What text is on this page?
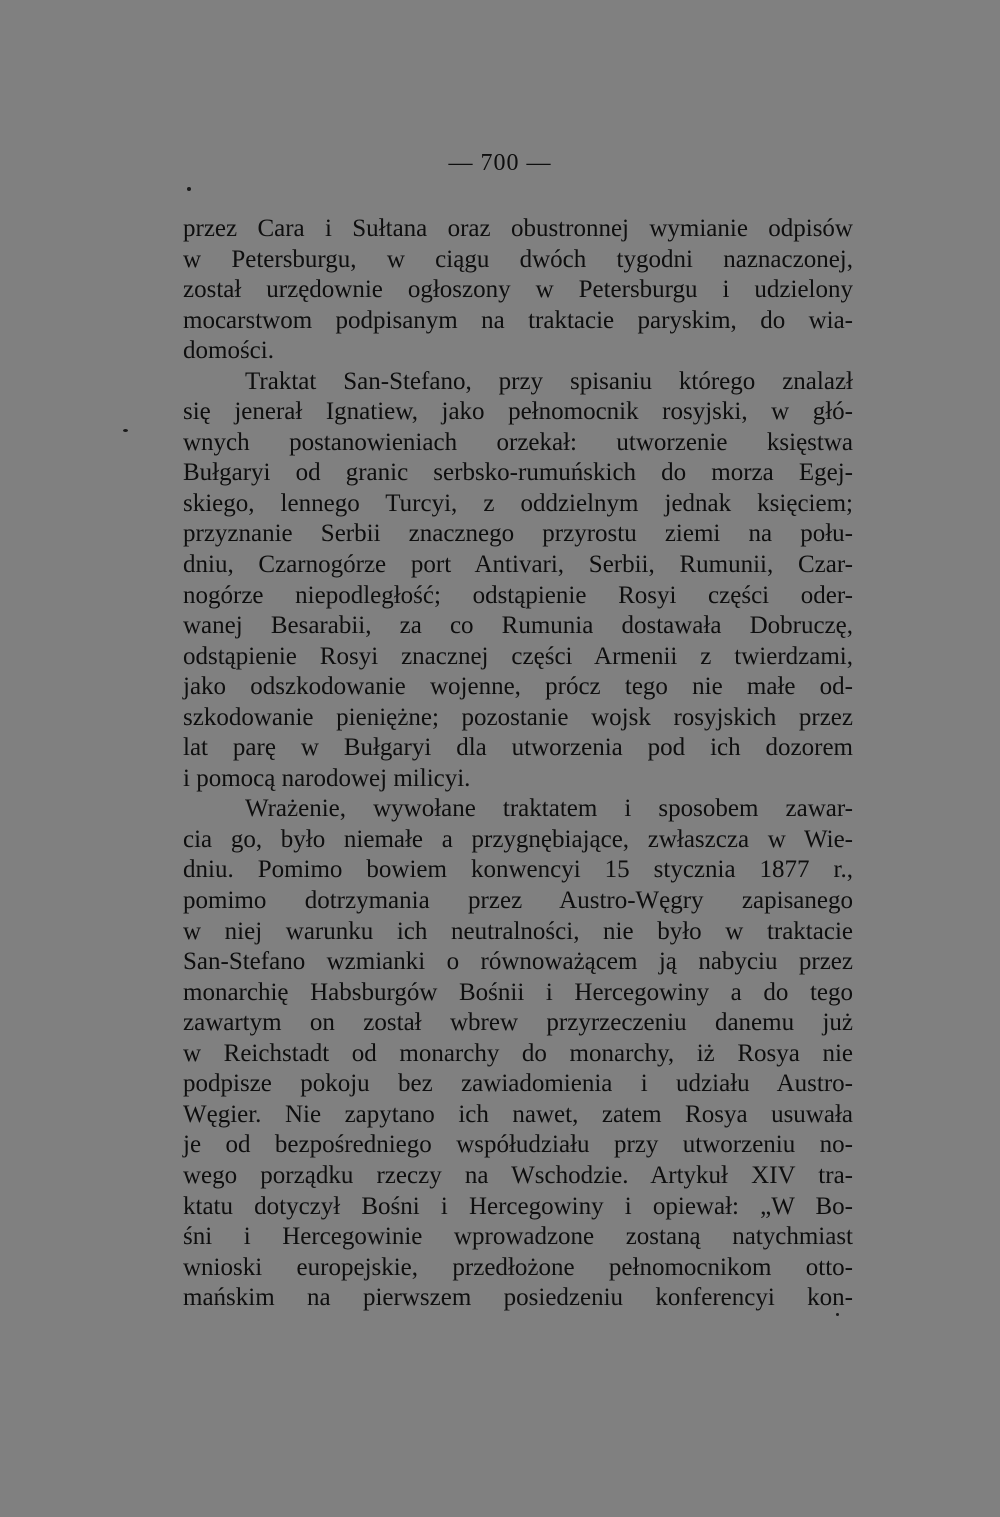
— 700 —
przez Cara i Sułtana oraz obustronnej wymianie odpisów
w Petersburgu, w ciągu dwóch tygodni naznaczonej,
został urzędownie ogłoszony w Petersburgu i udzielony
mocarstwom podpisanym na traktacie paryskim, do wia-
domości.
Traktat San-Stefano, przy spisaniu którego znalazł
się jenerał Ignatiew, jako pełnomocnik rosyjski, w głó-
wnych postanowieniach orzekał: utworzenie księstwa
Bułgaryi od granic serbsko-rumuńskich do morza Egej-
skiego, lennego Turcyi, z oddzielnym jednak księciem;
przyznanie Serbii znacznego przyrostu ziemi na połu-
dniu, Czarnogórze port Antivari, Serbii, Rumunii, Czar-
nogórze niepodległość; odstąpienie Rosyi części oder-
wanej Besarabii, za co Rumunia dostawała Dobruczę,
odstąpienie Rosyi znacznej części Armenii z twierdzami,
jako odszkodowanie wojenne, prócz tego nie małe od-
szkodowanie pieniężne; pozostanie wojsk rosyjskich przez
lat parę w Bułgaryi dla utworzenia pod ich dozorem
i pomocą narodowej milicyi.
Wrażenie, wywołane traktatem i sposobem zawar-
cia go, było niemałe a przygnębiające, zwłaszcza w Wie-
dniu. Pomimo bowiem konwencyi 15 stycznia 1877 r.,
pomimo dotrzymania przez Austro-Węgry zapisanego
w niej warunku ich neutralności, nie było w traktacie
San-Stefano wzmianki o równoważącem ją nabyciu przez
monarchię Habsburgów Bośnii i Hercegowiny a do tego
zawartym on został wbrew przyrzeczeniu danemu już
w Reichstadt od monarchy do monarchy, iż Rosya nie
podpisze pokoju bez zawiadomienia i udziału Austro-
Węgier. Nie zapytano ich nawet, zatem Rosya usuwała
je od bezpośredniego współudziału przy utworzeniu no-
wego porządku rzeczy na Wschodzie. Artykuł XIV tra-
ktatu dotyczył Bośni i Hercegowiny i opiewał: „W Bo-
śni i Hercegowinie wprowadzone zostaną natychmiast
wnioski europejskie, przedłożone pełnomocnikom otto-
mańskim na pierwszem posiedzeniu konferencyi kon-
